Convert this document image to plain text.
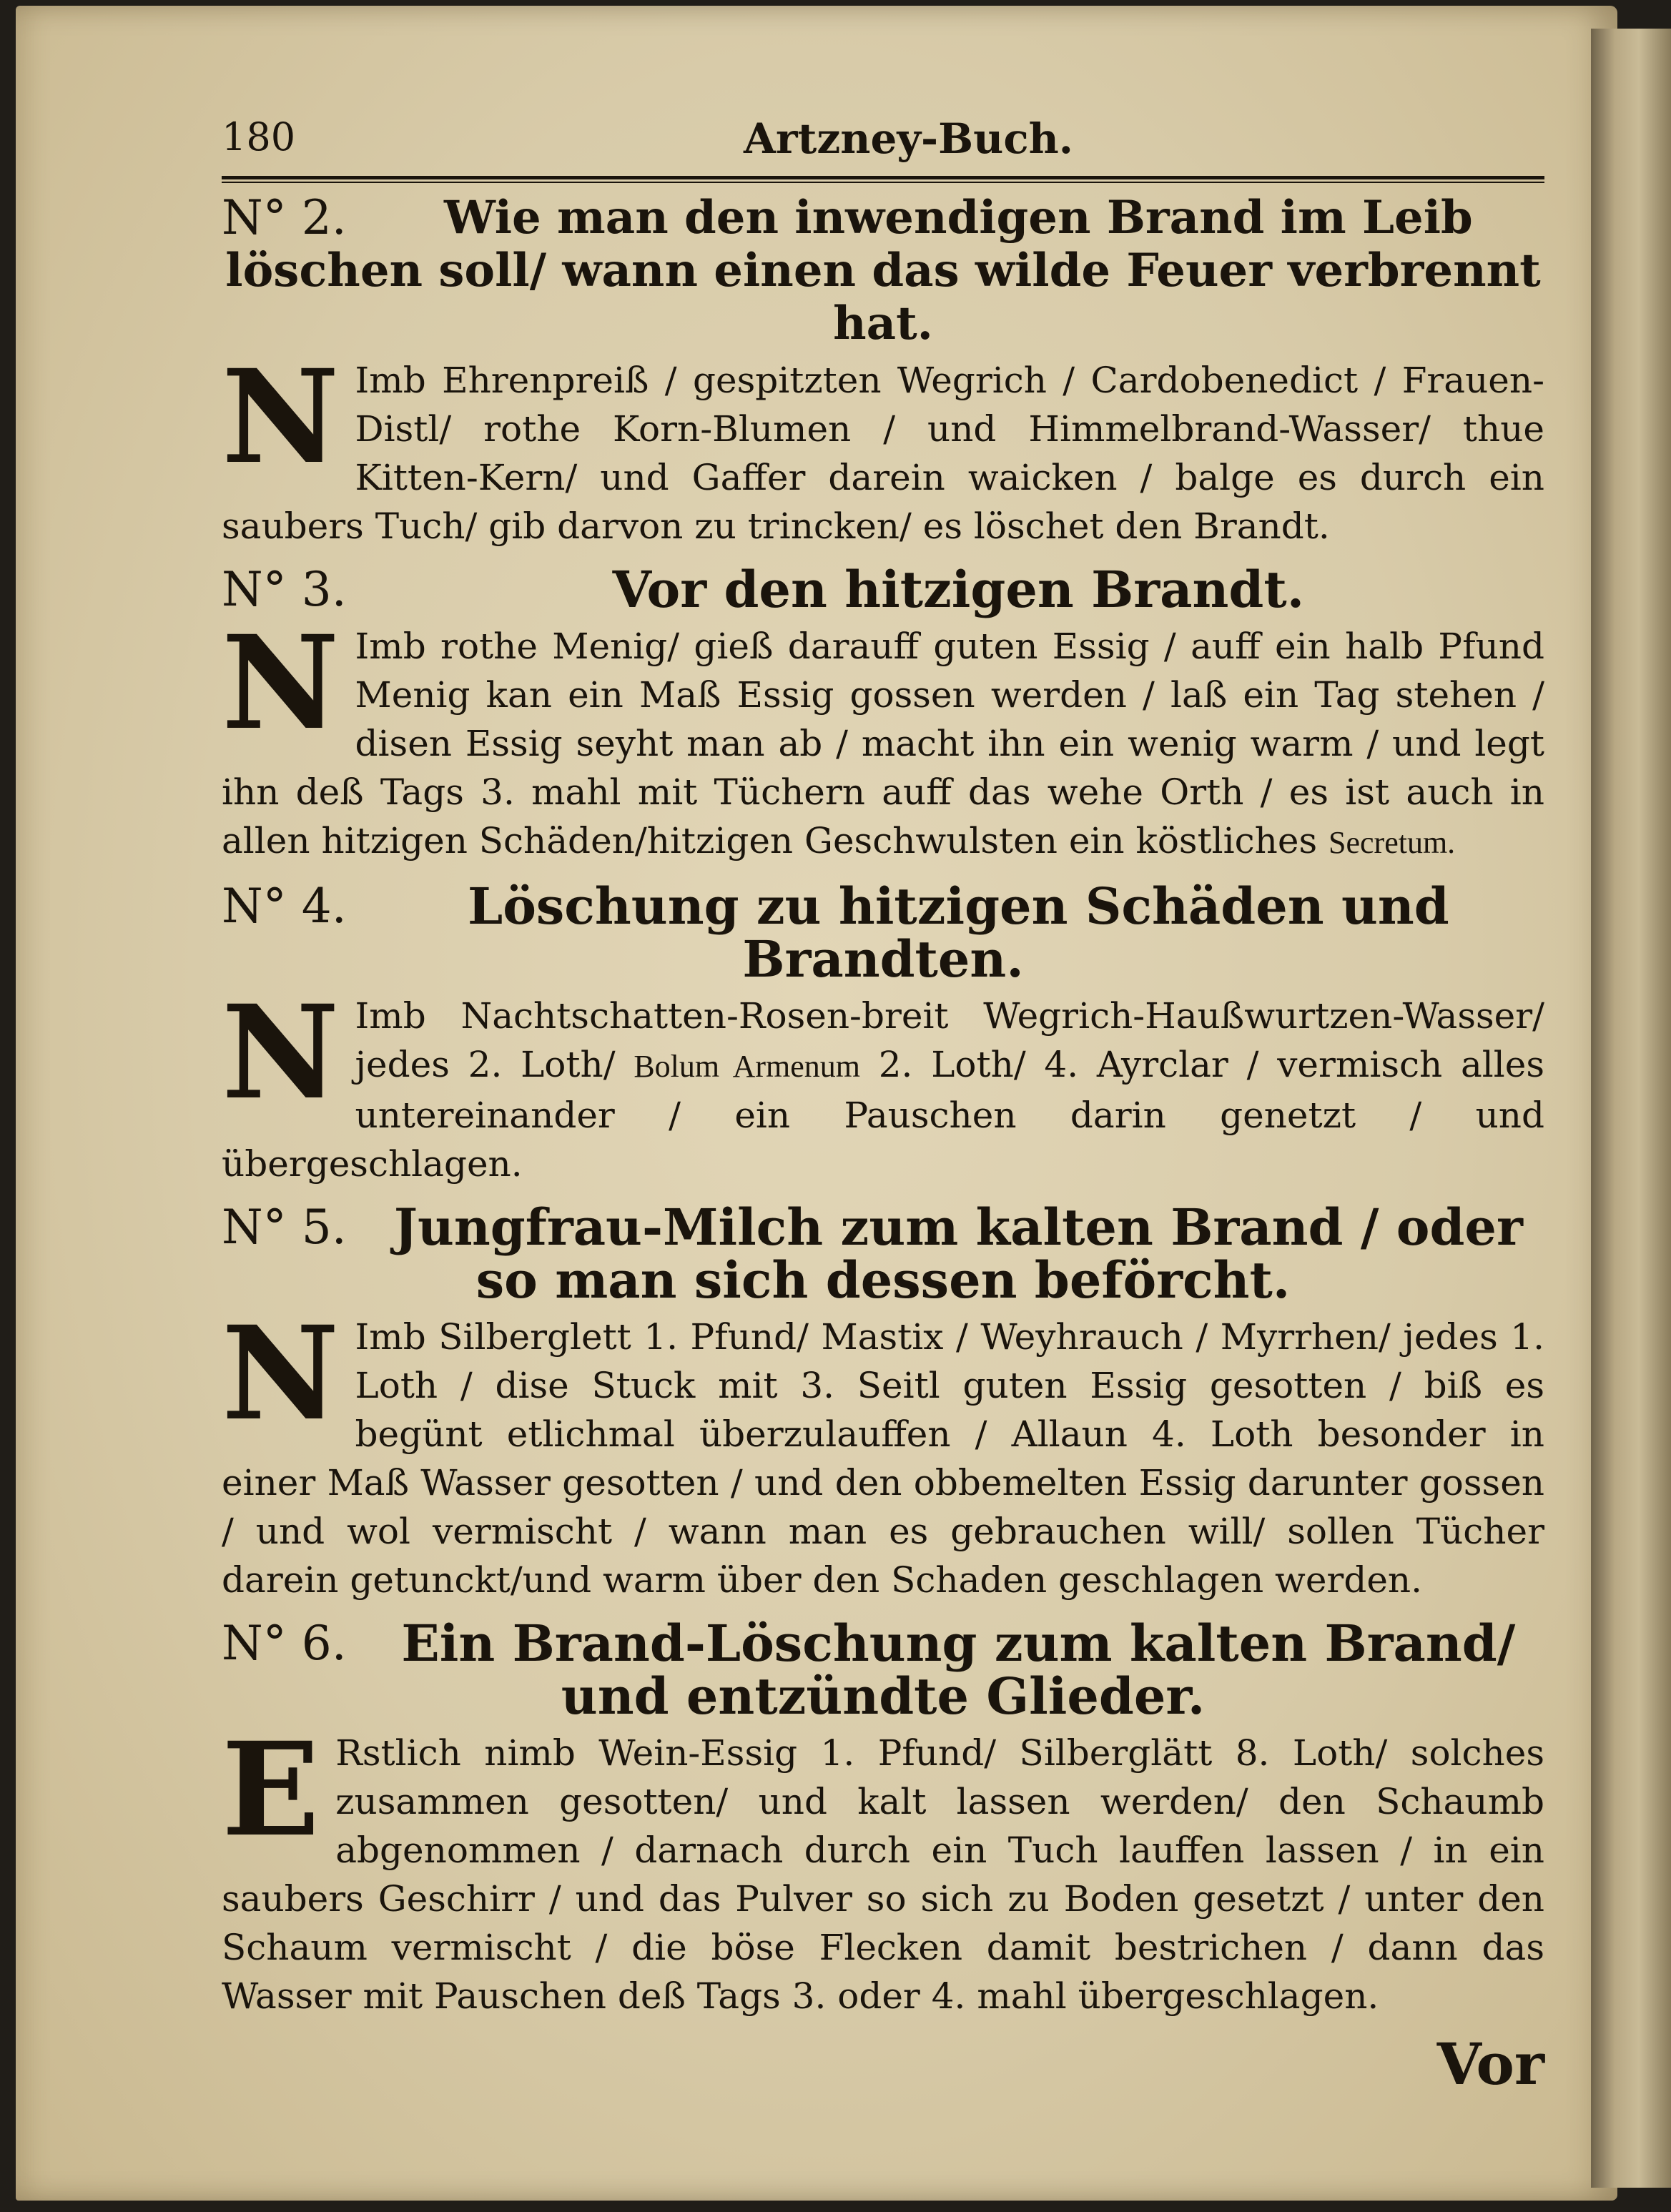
180	Artzney-Buch.
N° 2. Wie man den inwendigen Brand im Leib löschen soll/ wann einen das wilde Feuer verbrennt hat.
N Imb Ehrenpreiß / gespitzten Wegrich / Cardobenedict / Frauen-Distl/ rothe Korn-Blumen / und Himmelbrand-Wasser/ thue Kitten-Kern/ und Gaffer darein waicken / balge es durch ein saubers Tuch/ gib darvon zu trincken/ es löschet den Brandt.
N° 3.	Vor den hitzigen Brandt.
N Imb rothe Menig/ gieß darauff guten Essig / auff ein halb Pfund Menig kan ein Maß Essig gossen werden / laß ein Tag stehen / disen Essig seyht man ab / macht ihn ein wenig warm / und legt ihn deß Tags 3. mahl mit Tüchern auff das wehe Orth / es ist auch in allen hitzigen Schäden/hitzigen Geschwulsten ein köstliches Secretum.
N° 4. Löschung zu hitzigen Schäden und Brandten.
N Imb Nachtschatten-Rosen-breit Wegrich-Haußwurtzen-Wasser/ jedes 2. Loth/ Bolum Armenum 2. Loth/ 4. Ayrclar / vermisch alles untereinander / ein Pauschen darin genetzt / und übergeschlagen.
N° 5. Jungfrau-Milch zum kalten Brand / oder so man sich dessen beförcht.
N Imb Silberglett 1. Pfund/ Mastix / Weyhrauch / Myrrhen/ jedes 1. Loth / dise Stuck mit 3. Seitl guten Essig gesotten / biß es begünt etlichmal überzulauffen / Allaun 4. Loth besonder in einer Maß Wasser gesotten / und den obbemelten Essig darunter gossen / und wol vermischt / wann man es gebrauchen will/ sollen Tücher darein getunckt/und warm über den Schaden geschlagen werden.
N° 6. Ein Brand-Löschung zum kalten Brand/ und entzündte Glieder.
E Rstlich nimb Wein-Essig 1. Pfund/ Silberglätt 8. Loth/ solches zusammen gesotten/ und kalt lassen werden/ den Schaumb abgenommen / darnach durch ein Tuch lauffen lassen / in ein saubers Geschirr / und das Pulver so sich zu Boden gesetzt / unter den Schaum vermischt / die böse Flecken damit bestrichen / dann das Wasser mit Pauschen deß Tags 3. oder 4. mahl übergeschlagen.
Vor
